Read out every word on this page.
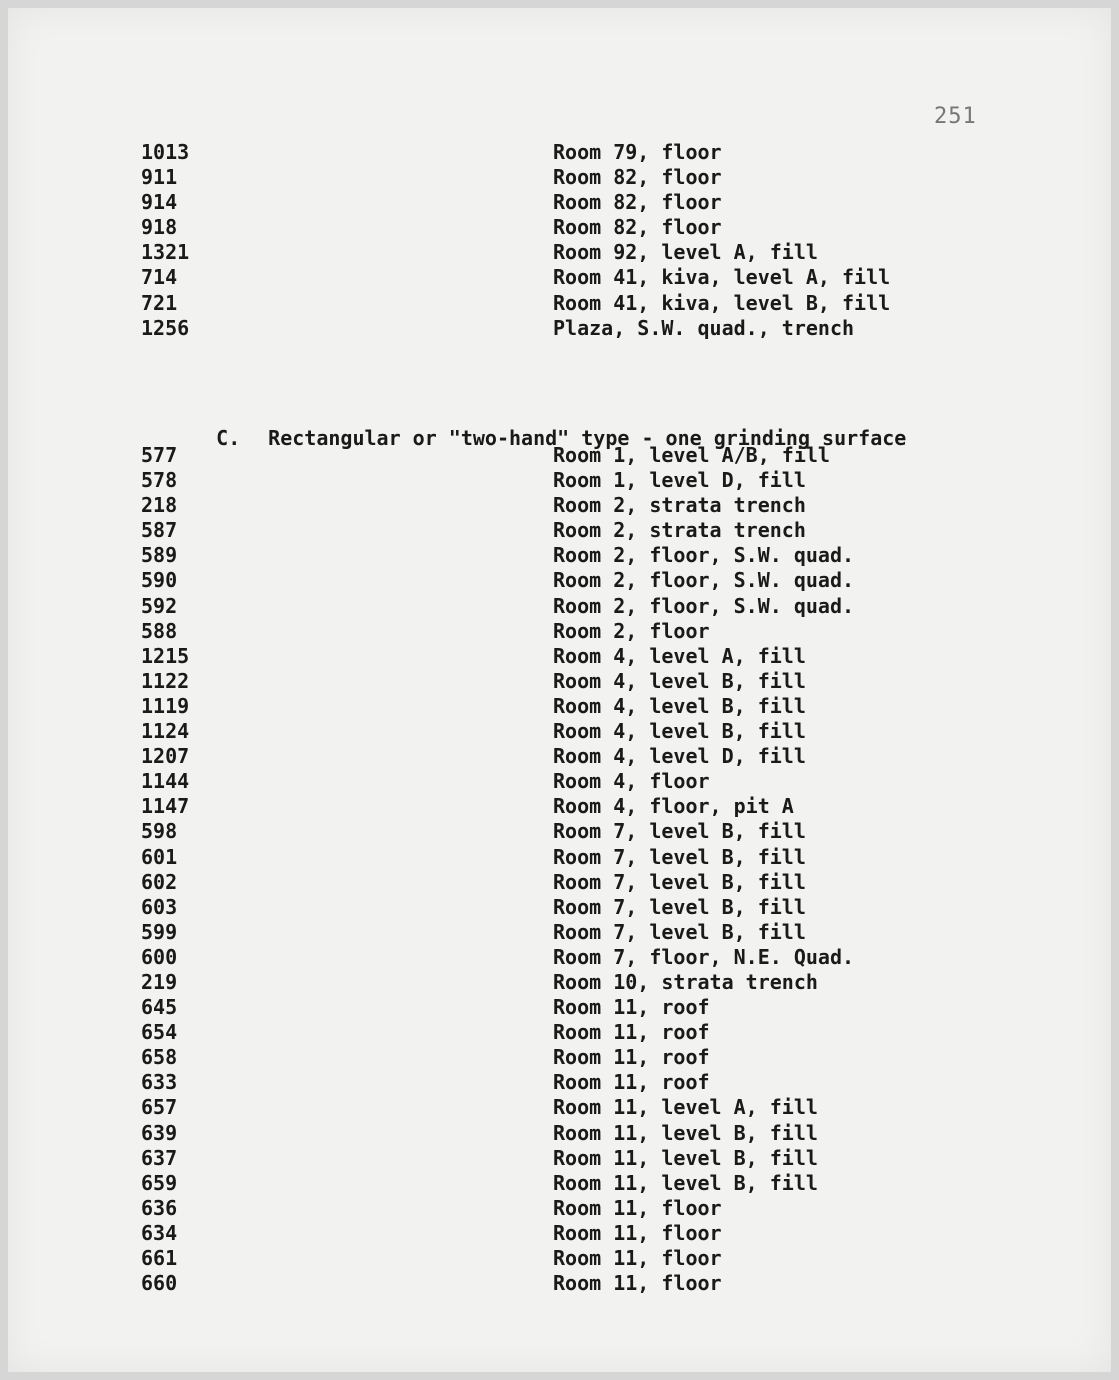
251
1013	Room 79, floor
911	Room 82, floor
914	Room 82, floor
918	Room 82, floor
1321	Room 92, level A, fill
714	Room 41, kiva, level A, fill
721	Room 41, kiva, level B, fill
1256	Plaza, S.W. quad., trench

C. Rectangular or "two-hand" type - one grinding surface

577	Room 1, level A/B, fill
578	Room 1, level D, fill
218	Room 2, strata trench
587	Room 2, strata trench
589	Room 2, floor, S.W. quad.
590	Room 2, floor, S.W. quad.
592	Room 2, floor, S.W. quad.
588	Room 2, floor
1215	Room 4, level A, fill
1122	Room 4, level B, fill
1119	Room 4, level B, fill
1124	Room 4, level B, fill
1207	Room 4, level D, fill
1144	Room 4, floor
1147	Room 4, floor, pit A
598	Room 7, level B, fill
601	Room 7, level B, fill
602	Room 7, level B, fill
603	Room 7, level B, fill
599	Room 7, level B, fill
600	Room 7, floor, N.E. Quad.
219	Room 10, strata trench
645	Room 11, roof
654	Room 11, roof
658	Room 11, roof
633	Room 11, roof
657	Room 11, level A, fill
639	Room 11, level B, fill
637	Room 11, level B, fill
659	Room 11, level B, fill
636	Room 11, floor
634	Room 11, floor
661	Room 11, floor
660	Room 11, floor
